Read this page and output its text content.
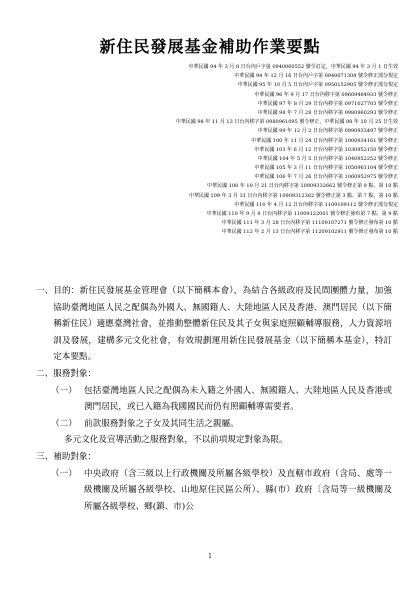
新住民發展基金補助作業要點
中華民國 94 年 3 月 8 日台內戶字第 0940060552 號令訂定，中華民國 94 年 3 月 1 日生效
中華民國 94 年 12 月 16 日台內戶字第 0940071308 號令修正部分規定
中華民國 95 年 10 月 5 日台內戶字第 0950152905 號令修正部分規定
中華民國 96 年 9 月 17 日台內移字第 09609464933 號令修正
中華民國 97 年 8 月 29 日台內移字第 0971027703 號令修正
中華民國 98 年 7 月 28 日台內移字第 0980960293 號令修正
中華民國 98 年 11 月 13 日台內移字第 0980961095 號令修正，中華民國 98 年 10 月 25 日生效
中華民國 99 年 12 月 2 日台內移字第 0990933497 號令修正
中華民國 100 年 11 月 24 日台內移字第 1000934161 號令修正
中華民國 103 年 6 月 12 日台內移字第 1030952150 號令修正
中華民國 104 年 5 月 5 日台內移字第 1040952252 號令修正
中華民國 105 年 3 月 11 日台內移字第 1050961104 號令修正
中華民國 106 年 7 月 26 日台內移字第 1060952975 號令修正
中華民國 108 年 10 月 21 日台內移字第 10809332662 號令修正第 9 點、第 10 點
中華民國 109 年 3 月 31 日台內移字第 10909312382 號令修正第 3 點、第 7 點、第 10 點
中華民國 110 年 4 月 12 日台內移字第 1109109112 號令修正部分規定
中華民國 110 年 9 月 8 日台內移字第 11009122001 號令修正發布第 7 點、第 9 點
中華民國 111 年 3 月 28 日台內移字第 11109107271 號令修正發布第 10 點
中華民國 112 年 2 月 13 日台內移字第 11209102911 號令修正發布第 10 點
一、 目的：新住民發展基金管理會（以下簡稱本會），為結合各級政府及民間團體力量，加強協助臺灣地區人民之配偶為外國人、無國籍人、大陸地區人民及香港、澳門居民（以下簡稱新住民）適應臺灣社會，並推動整體新住民及其子女與家庭照顧輔導服務，人力資源培訓及發展，建構多元文化社會，有效規劃運用新住民發展基金（以下簡稱本基金），特訂定本要點。
二、 服務對象：
（一） 包括臺灣地區人民之配偶為未入籍之外國人、無國籍人、大陸地區人民及香港或澳門居民，或已入籍為我國國民而仍有照顧輔導需要者。
（二） 前款服務對象之子女及其同生活之親屬。
多元文化及宣導活動之服務對象，不以前項規定對象為限。
三、 補助對象：
（一） 中央政府（含三級以上行政機關及所屬各級學校）及直轄市政府（含局、處等一級機關及所屬各級學校、山地原住民區公所）、縣(市）政府〔含局等一級機關及所屬各級學校、鄉(鎮、市)公
1
